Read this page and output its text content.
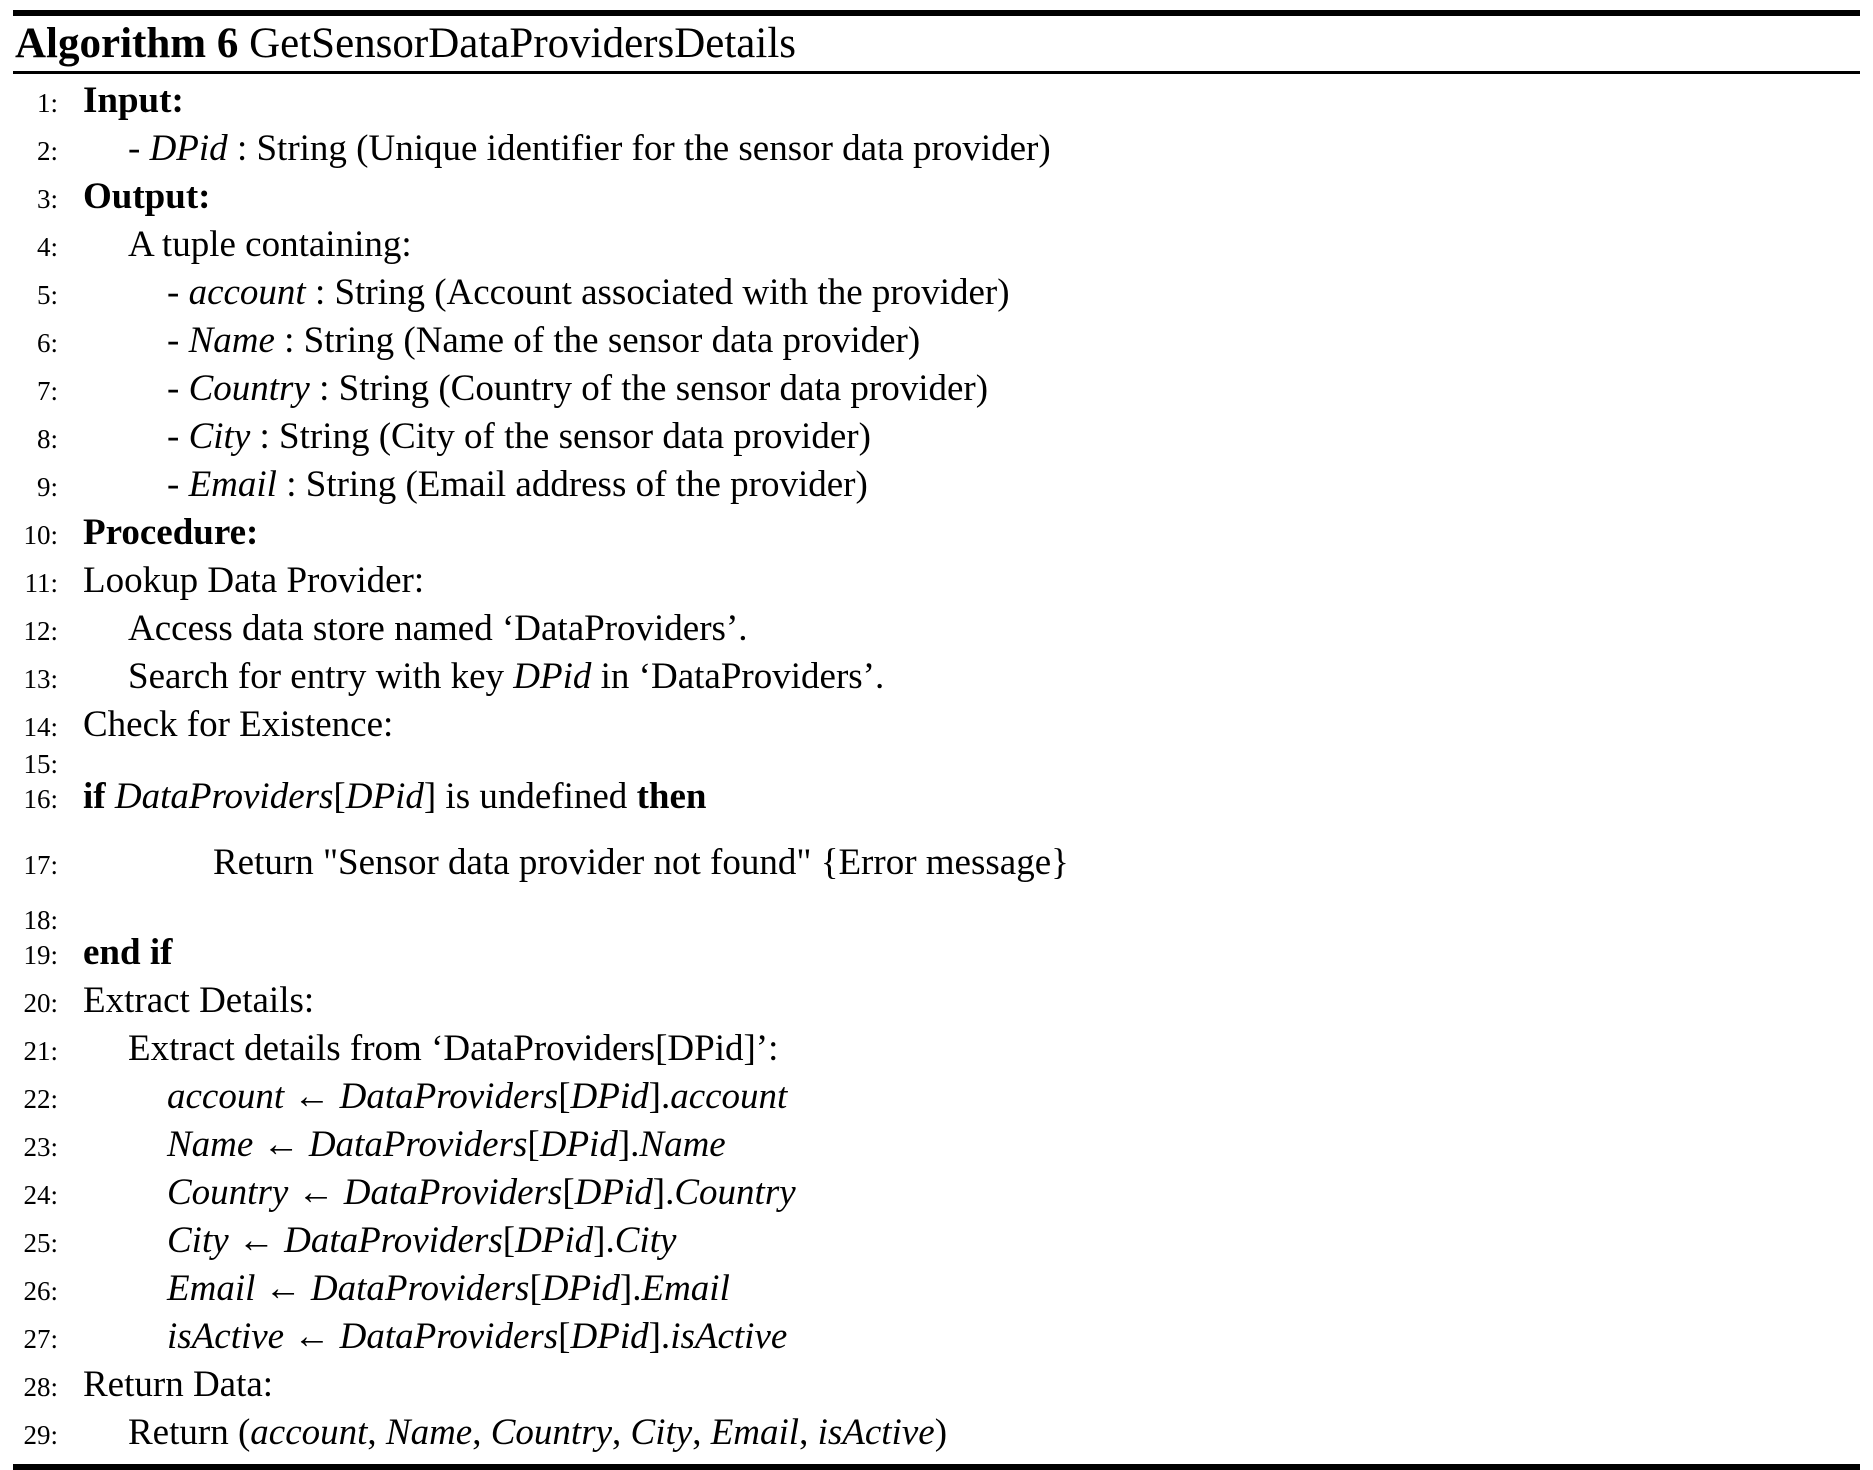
Algorithm 6 GetSensorDataProvidersDetails
1: Input:
2: - DPid : String (Unique identifier for the sensor data provider)
3: Output:
4: A tuple containing:
5:	- account : String (Account associated with the provider)
6:	- Name : String (Name of the sensor data provider)
7:	- Country : String (Country of the sensor data provider)
8:	- City : String (City of the sensor data provider)
9:	- Email : String (Email address of the provider)
10: Procedure:
11: Lookup Data Provider:
12: Access data store named ‘DataProviders’.
13: Search for entry with key DPid in ‘DataProviders’.
14: Check for Existence:
15:
16: if DataProviders[DPid] is undefined then
17:	Return "Sensor data provider not found" {Error message}
18:
19: end if
20: Extract Details:
21: Extract details from ‘DataProviders[DPid]’:
22:	account ← DataProviders[DPid].account
23:	Name ← DataProviders[DPid].Name
24:	Country ← DataProviders[DPid].Country
25:	City ← DataProviders[DPid].City
26:	Email ← DataProviders[DPid].Email
27:	isActive ← DataProviders[DPid].isActive
28: Return Data:
29: Return (account, Name, Country, City, Email, isActive)
